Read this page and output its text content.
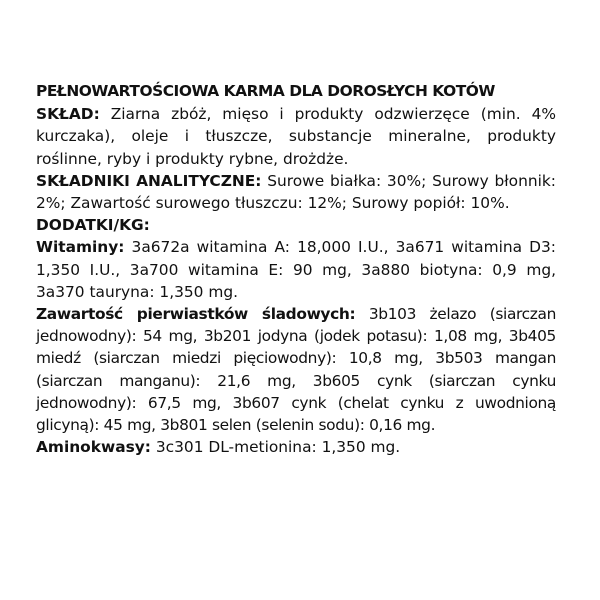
PEŁNOWARTOŚCIOWA KARMA DLA DOROSŁYCH KOTÓW

SKŁAD: Ziarna zbóż, mięso i produkty odzwierzęce (min. 4% kurczaka), oleje i tłuszcze, substancje mineralne, produkty roślinne, ryby i produkty rybne, drożdże.

SKŁADNIKI ANALITYCZNE: Surowe białka: 30%; Surowy błonnik: 2%; Zawartość surowego tłuszczu: 12%; Surowy popiół: 10%.

DODATKI/KG:

Witaminy: 3a672a witamina A: 18,000 I.U., 3a671 witamina D3: 1,350 I.U., 3a700 witamina E: 90 mg, 3a880 biotyna: 0,9 mg, 3a370 tauryna: 1,350 mg.

Zawartość pierwiastków śladowych: 3b103 żelazo (siarczan jednowodny): 54 mg, 3b201 jodyna (jodek potasu): 1,08 mg, 3b405 miedź (siarczan miedzi pięciowodny): 10,8 mg, 3b503 mangan (siarczan manganu): 21,6 mg, 3b605 cynk (siarczan cynku jednowodny): 67,5 mg, 3b607 cynk (chelat cynku z uwodnioną glicyną): 45 mg, 3b801 selen (selenin sodu): 0,16 mg.

Aminokwasy: 3c301 DL-metionina: 1,350 mg.
